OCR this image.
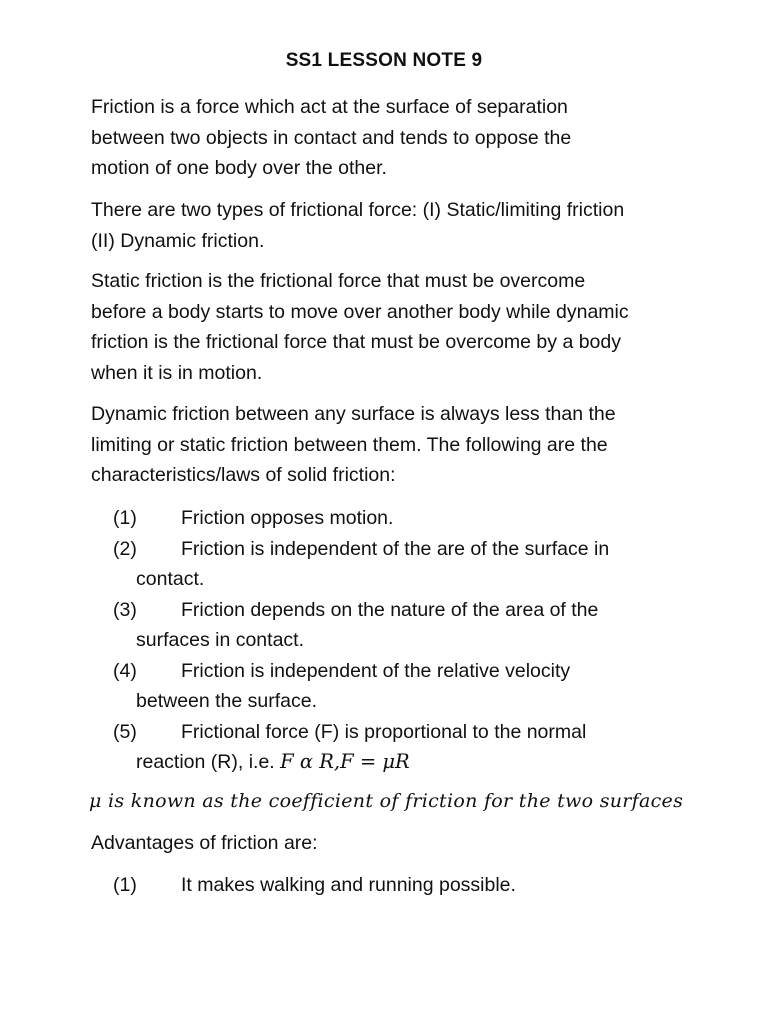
SS1 LESSON NOTE 9
Friction is a force which act at the surface of separation
between two objects in contact and tends to oppose the
motion of one body over the other.
There are two types of frictional force: (I) Static/limiting friction
(II) Dynamic friction.
Static friction is the frictional force that must be overcome
before a body starts to move over another body while dynamic
friction is the frictional force that must be overcome by a body
when it is in motion.
Dynamic friction between any surface is always less than the
limiting or static friction between them. The following are the
characteristics/laws of solid friction:
(1) Friction opposes motion.
(2) Friction is independent of the are of the surface in
contact.
(3) Friction depends on the nature of the area of the
surfaces in contact.
(4) Friction is independent of the relative velocity
between the surface.
(5) Frictional force (F) is proportional to the normal
reaction (R), i.e. F α R,F = μR
μ is known as the coefficient of friction for the two surfaces
Advantages of friction are:
(1) It makes walking and running possible.
